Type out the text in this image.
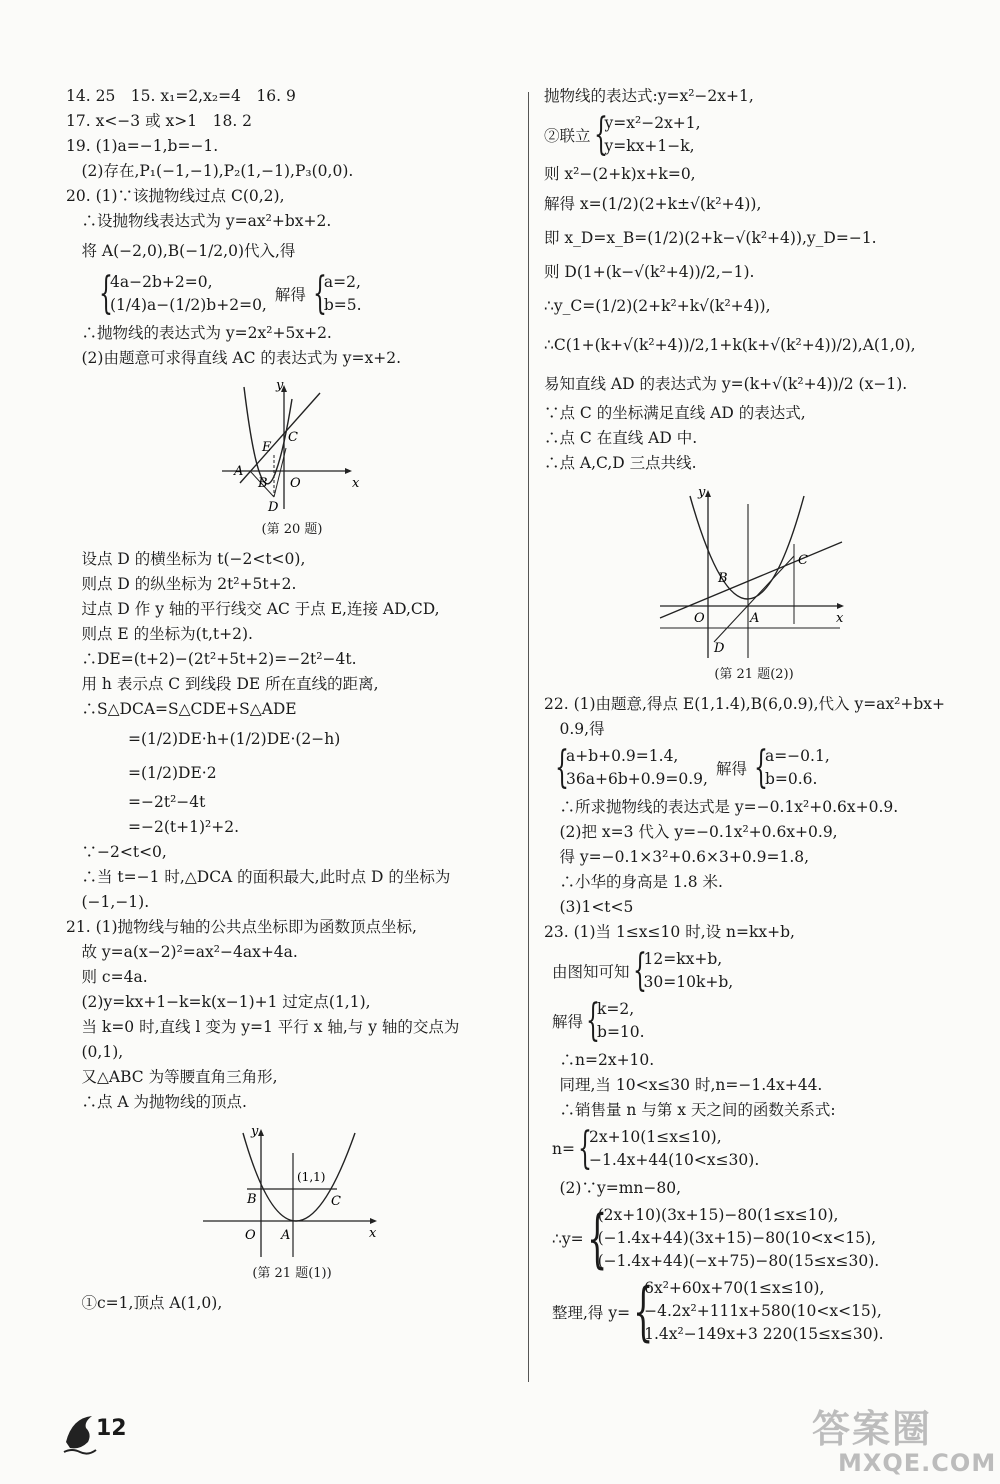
14. 25　15. x₁=2,x₂=4　16. 9
17. x<−3 或 x>1　18. 2
19. (1)a=−1,b=−1.
　(2)存在,P₁(−1,−1),P₂(1,−1),P₃(0,0).
20. (1)∵该抛物线过点 C(0,2),
　∴设抛物线表达式为 y=ax²+bx+2.
　将 A(−2,0),B(−1/2,0)代入,得
{
4a−2b+2=0,
(1/4)a−(1/2)b+2=0,
解得 {
a=2,
b=5.
　∴抛物线的表达式为 y=2x²+5x+2.
　(2)由题意可求得直线 AC 的表达式为 y=x+2.
y
x
O
A
B
C
D
E
(第 20 题)
　设点 D 的横坐标为 t(−2<t<0),
　则点 D 的纵坐标为 2t²+5t+2.
　过点 D 作 y 轴的平行线交 AC 于点 E,连接 AD,CD,
　则点 E 的坐标为(t,t+2).
　∴DE=(t+2)−(2t²+5t+2)=−2t²−4t.
　用 h 表示点 C 到线段 DE 所在直线的距离,
　∴S△DCA=S△CDE+S△ADE
=(1/2)DE·h+(1/2)DE·(2−h)
=(1/2)DE·2
=−2t²−4t
=−2(t+1)²+2.
　∵−2<t<0,
　∴当 t=−1 时,△DCA 的面积最大,此时点 D 的坐标为
　(−1,−1).
21. (1)抛物线与轴的公共点坐标即为函数顶点坐标,
　故 y=a(x−2)²=ax²−4ax+4a.
　则 c=4a.
　(2)y=kx+1−k=k(x−1)+1 过定点(1,1),
　当 k=0 时,直线 l 变为 y=1 平行 x 轴,与 y 轴的交点为
　(0,1),
　又△ABC 为等腰直角三角形,
　∴点 A 为抛物线的顶点.
y
x
O A
B	C
(1,1)
(第 21 题(1))
　①c=1,顶点 A(1,0),
抛物线的表达式:y=x²−2x+1,
②联立 {
y=x²−2x+1,
y=kx+1−k,
则 x²−(2+k)x+k=0,
解得 x=(1/2)(2+k±√(k²+4)),
即 x_D=x_B=(1/2)(2+k−√(k²+4)),y_D=−1.
则 D(1+(k−√(k²+4))/2,−1).
∴y_C=(1/2)(2+k²+k√(k²+4)),
∴C(1+(k+√(k²+4))/2,1+k(k+√(k²+4))/2),A(1,0),
易知直线 AD 的表达式为 y=(k+√(k²+4))/2 (x−1).
∵点 C 的坐标满足直线 AD 的表达式,
∴点 C 在直线 AD 中.
∴点 A,C,D 三点共线.
y
x
O	A
B
C
D
(第 21 题(2))
22. (1)由题意,得点 E(1,1.4),B(6,0.9),代入 y=ax²+bx+
　0.9,得
{
a+b+0.9=1.4,
36a+6b+0.9=0.9,
解得 {
a=−0.1,
b=0.6.
　∴所求抛物线的表达式是 y=−0.1x²+0.6x+0.9.
　(2)把 x=3 代入 y=−0.1x²+0.6x+0.9,
　得 y=−0.1×3²+0.6×3+0.9=1.8,
　∴小华的身高是 1.8 米.
　(3)1<t<5
23. (1)当 1≤x≤10 时,设 n=kx+b,
由图知可知 {
12=kx+b,
30=10k+b,
解得 {
k=2,
b=10.
　∴n=2x+10.
　同理,当 10<x≤30 时,n=−1.4x+44.
　∴销售量 n 与第 x 天之间的函数关系式:
n= {
2x+10(1≤x≤10),
−1.4x+44(10<x≤30).
　(2)∵y=mn−80,
∴y= {
(2x+10)(3x+15)−80(1≤x≤10),
(−1.4x+44)(3x+15)−80(10<x<15),
(−1.4x+44)(−x+75)−80(15≤x≤30).
整理,得 y= {
6x²+60x+70(1≤x≤10),
−4.2x²+111x+580(10<x<15),
1.4x²−149x+3 220(15≤x≤30).
12	答案圈
MXQE.COM
